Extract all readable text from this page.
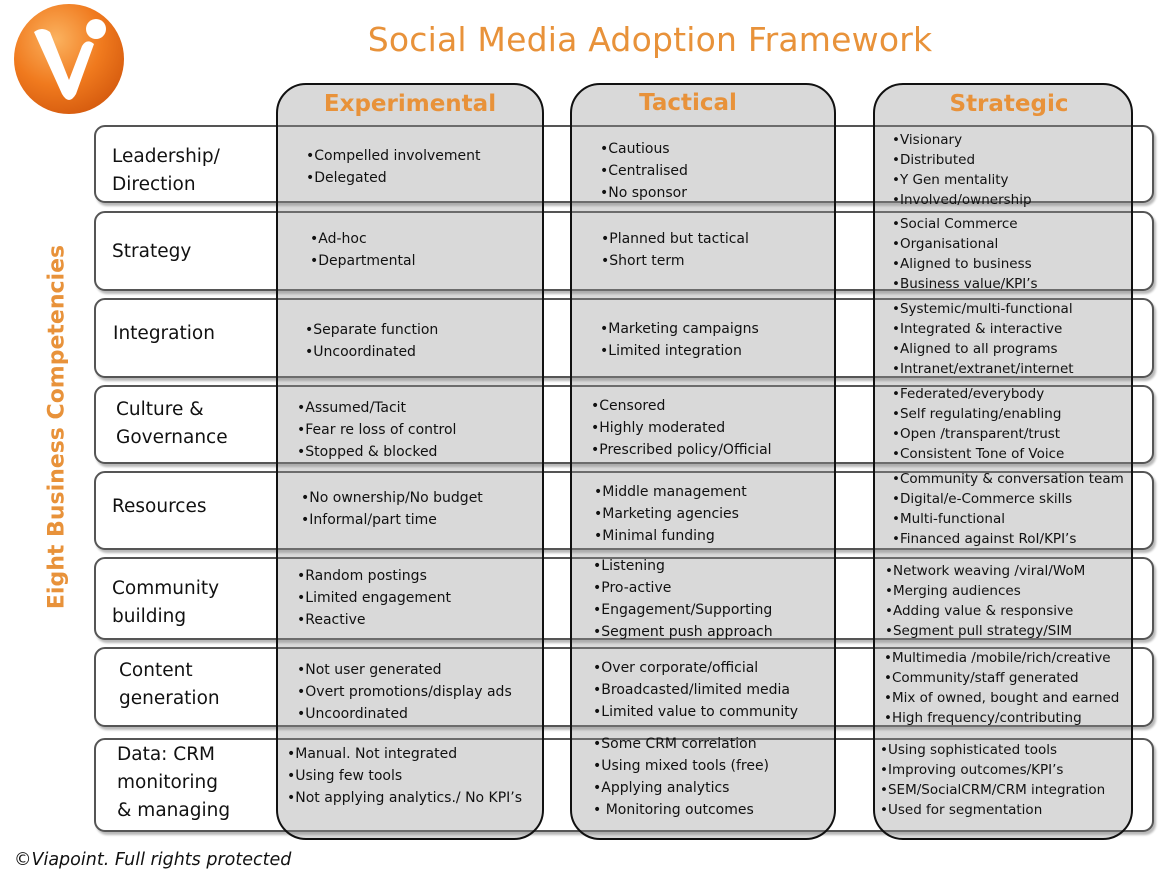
Social Media Adoption Framework
Eight Business Competencies
Experimental	Tactical	Strategic
Leadership/
Direction
Strategy
Integration
Culture &
Governance
Resources
Community
building
Content
generation
Data: CRM
monitoring
& managing
• Compelled involvement
• Delegated
• Cautious
• Centralised
• No sponsor
• Visionary
• Distributed
• Y Gen mentality
• Involved/ownership
• Ad-hoc
• Departmental
• Planned but tactical
• Short term
• Social Commerce
• Organisational
• Aligned to business
• Business value/KPI’s
• Separate function
• Uncoordinated
• Marketing campaigns
• Limited integration
• Systemic/multi-functional
• Integrated & interactive
• Aligned to all programs
• Intranet/extranet/internet
• Assumed/Tacit
• Fear re loss of control
• Stopped & blocked
• Censored
• Highly moderated
• Prescribed policy/Official
• Federated/everybody
• Self regulating/enabling
• Open /transparent/trust
• Consistent Tone of Voice
• No ownership/No budget
• Informal/part time
• Middle management
• Marketing agencies
• Minimal funding
• Community & conversation team
• Digital/e-Commerce skills
• Multi-functional
• Financed against RoI/KPI’s
• Random postings
• Limited engagement
• Reactive
• Listening
• Pro-active
• Engagement/Supporting
• Segment push approach
• Network weaving /viral/WoM
• Merging audiences
• Adding value & responsive
• Segment pull strategy/SIM
• Not user generated
• Overt promotions/display ads
• Uncoordinated
• Over corporate/official
• Broadcasted/limited media
• Limited value to community
• Multimedia /mobile/rich/creative
• Community/staff generated
• Mix of owned, bought and earned
• High frequency/contributing
• Manual. Not integrated
• Using few tools
• Not applying analytics./ No KPI’s
• Some CRM correlation
• Using mixed tools (free)
• Applying analytics
• Monitoring outcomes
• Using sophisticated tools
• Improving outcomes/KPI’s
• SEM/SocialCRM/CRM integration
• Used for segmentation
©Viapoint. Full rights protected
